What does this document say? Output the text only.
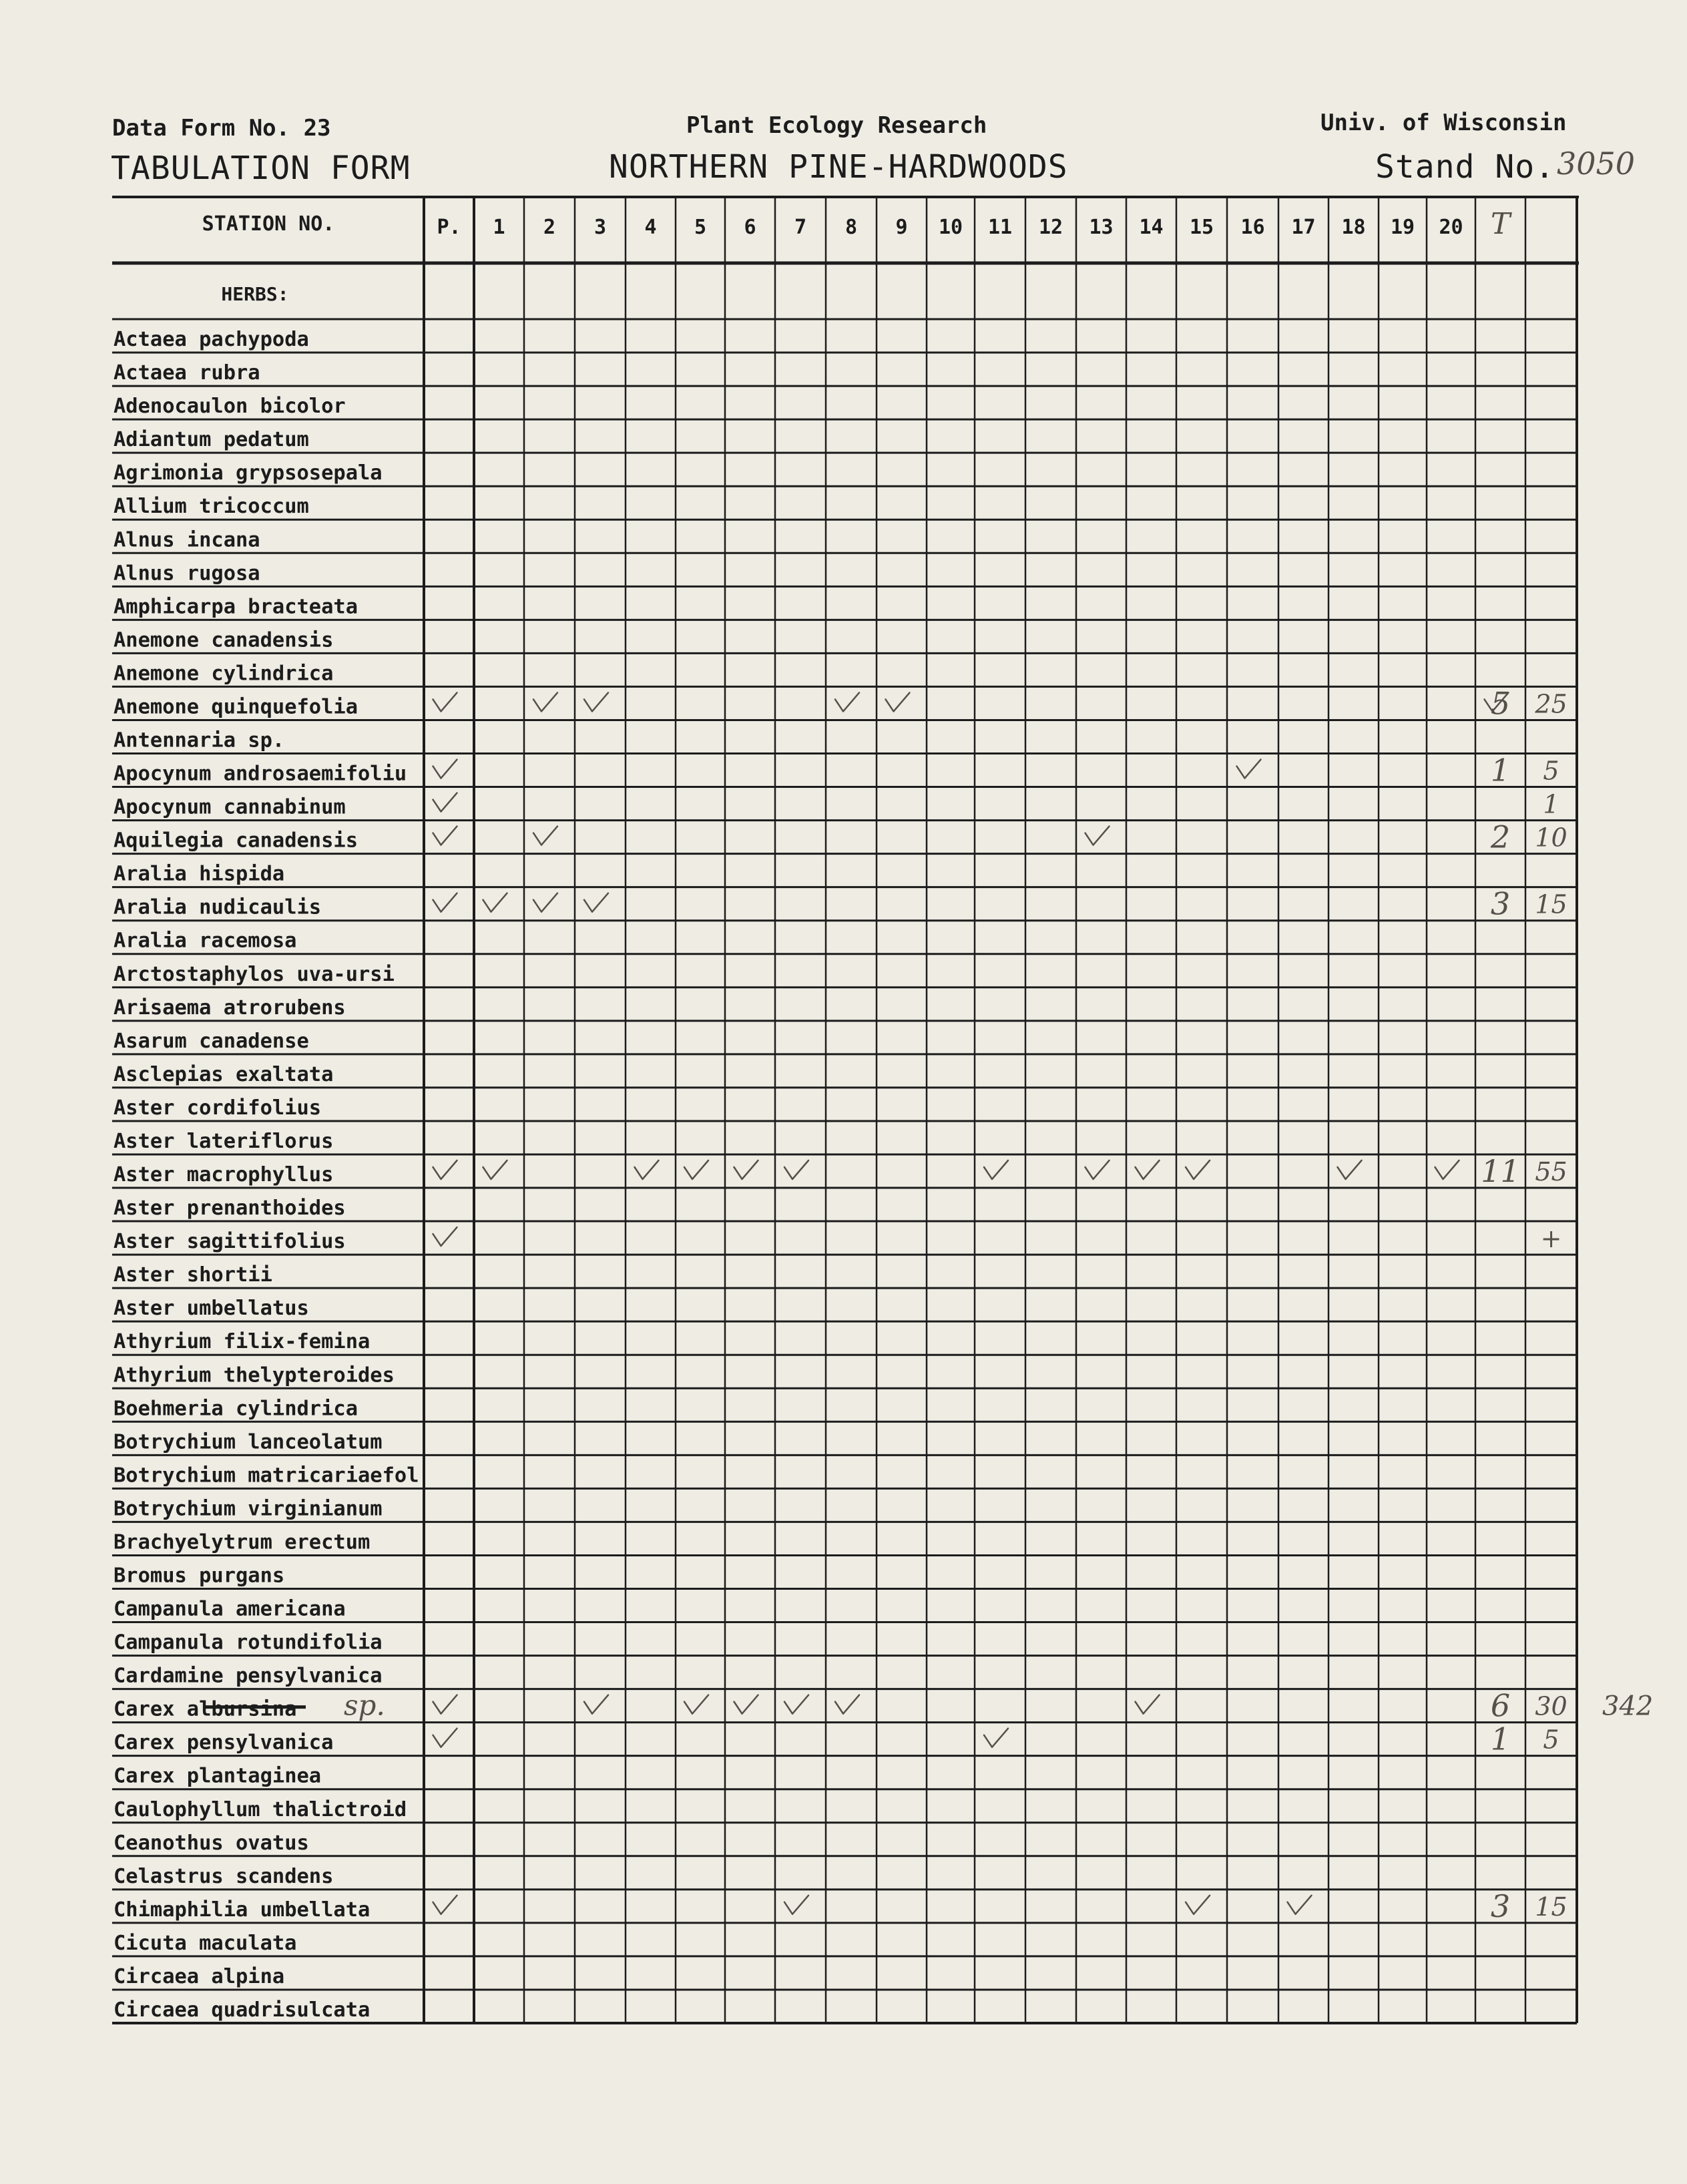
Data Form No. 23
TABULATION FORM
Plant Ecology Research
NORTHERN PINE-HARDWOODS
Univ. of Wisconsin
Stand No. 3050
STATION NO.	P. 1 2 3 4 5 6 7 8 9 10 11 12 13 14 15 16 17 18 19 20 T
HERBS:
Actaea pachypoda
Actaea rubra
Adenocaulon bicolor
Adiantum pedatum
Agrimonia grypsosepala
Allium tricoccum
Alnus incana
Alnus rugosa
Amphicarpa bracteata
Anemone canadensis
Anemone cylindrica
Anemone quinquefolia
Antennaria sp.
Apocynum androsaemifoliu
Apocynum cannabinum
Aquilegia canadensis
Aralia hispida
Aralia nudicaulis
Aralia racemosa
Arctostaphylos uva-ursi
Arisaema atrorubens
Asarum canadense
Asclepias exaltata
Aster cordifolius
Aster lateriflorus
Aster macrophyllus
Aster prenanthoides
Aster sagittifolius
Aster shortii
Aster umbellatus
Athyrium filix-femina
Athyrium thelypteroides
Boehmeria cylindrica
Botrychium lanceolatum
Botrychium matricariaefol
Botrychium virginianum
Brachyelytrum erectum
Bromus purgans
Campanula americana
Campanula rotundifolia
Cardamine pensylvanica
Carex albursina
Carex pensylvanica
Carex plantaginea
Caulophyllum thalictroid
Ceanothus ovatus
Celastrus scandens
Chimaphilia umbellata
Cicuta maculata
Circaea alpina
Circaea quadrisulcata
5 25
1 5
1
2 10
3 15
11 55
+
6 30
sp.	342
1 5
3 15
